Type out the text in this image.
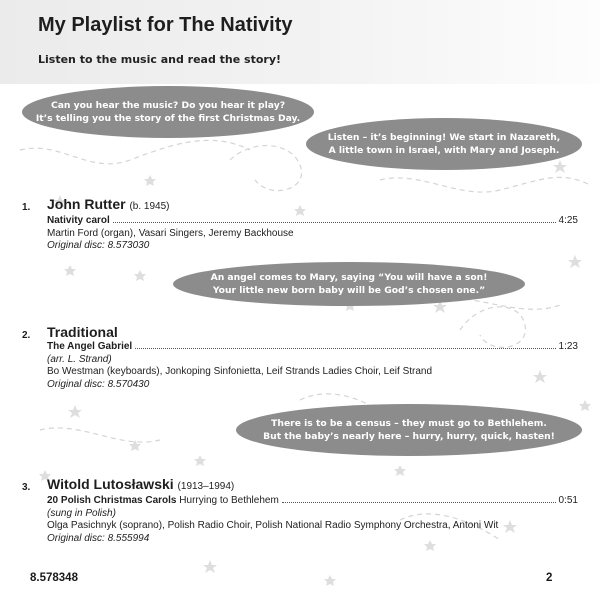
My Playlist for The Nativity
Listen to the music and read the story!
Can you hear the music? Do you hear it play?
It’s telling you the story of the first Christmas Day.
Listen – it’s beginning! We start in Nazareth,
A little town in Israel, with Mary and Joseph.
An angel comes to Mary, saying “You will have a son!
Your little new born baby will be God’s chosen one.”
There is to be a census – they must go to Bethlehem.
But the baby’s nearly here – hurry, hurry, quick, hasten!
1. John Rutter (b. 1945)
Nativity carol	4:25
Martin Ford (organ), Vasari Singers, Jeremy Backhouse
Original disc: 8.573030
2. Traditional
The Angel Gabriel	1:23
(arr. L. Strand)
Bo Westman (keyboards), Jonkoping Sinfonietta, Leif Strands Ladies Choir, Leif Strand
Original disc: 8.570430
3. Witold Lutosławski (1913–1994)
20 Polish Christmas Carols
Hurrying to Bethlehem	0:51
(sung in Polish)
Olga Pasichnyk (soprano), Polish Radio Choir, Polish National Radio Symphony Orchestra, Antoni Wit
Original disc: 8.555994
8.578348	2
